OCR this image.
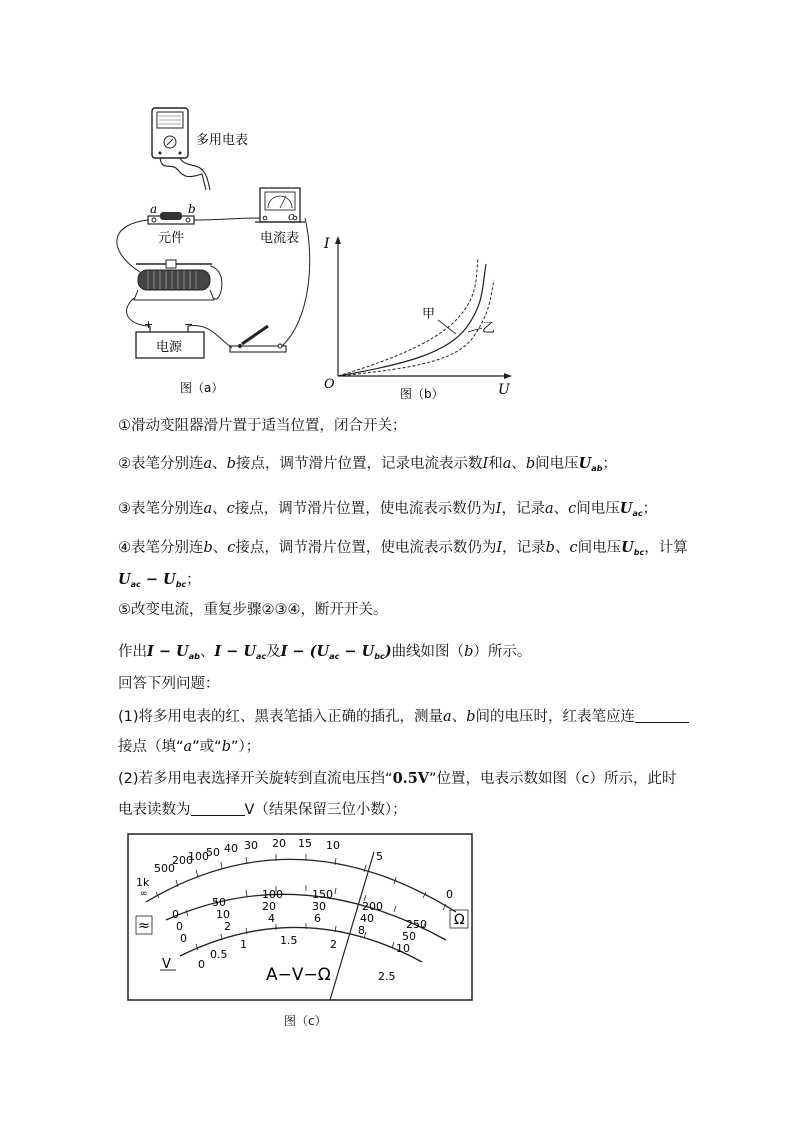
多用电表
a	b
c
元件	电流表
+	−
电源
图（a）
I
U
O
甲
乙
图（b）
①滑动变阻器滑片置于适当位置，闭合开关；
②表笔分别连a、b接点，调节滑片位置，记录电流表示数I和a、b间电压$U_{ab}$；
③表笔分别连a、c接点，调节滑片位置，使电流表示数仍为I，记录a、c间电压$U_{ac}$；
④表笔分别连b、c接点，调节滑片位置，使电流表示数仍为I，记录b、c间电压$U_{bc}$，计算
$U_{ac} - U_{bc}$；
⑤改变电流，重复步骤②③④，断开开关。
作出$I - U_{ab}$、$I - U_{ac}$及$I - (U_{ac} - U_{bc})$曲线如图（b）所示。
回答下列问题：
(1)将多用电表的红、黑表笔插入正确的插孔，测量a、b间的电压时，红表笔应连
接点（填“a”或“b”）；
(2)若多用电表选择开关旋转到直流电压挡“0.5V”位置，电表示数如图（c）所示，此时
电表读数为	V（结果保留三位小数）；
1k
∞
500
200
100
50 40 30 20 15 10
5
0
0
50
100	150
200
250
0
10
20	30
40
50
0
2
4	6
8
10
0
0.5
1	1.5	2
2.5
≈
V
Ω
A−V−Ω
图（c）
